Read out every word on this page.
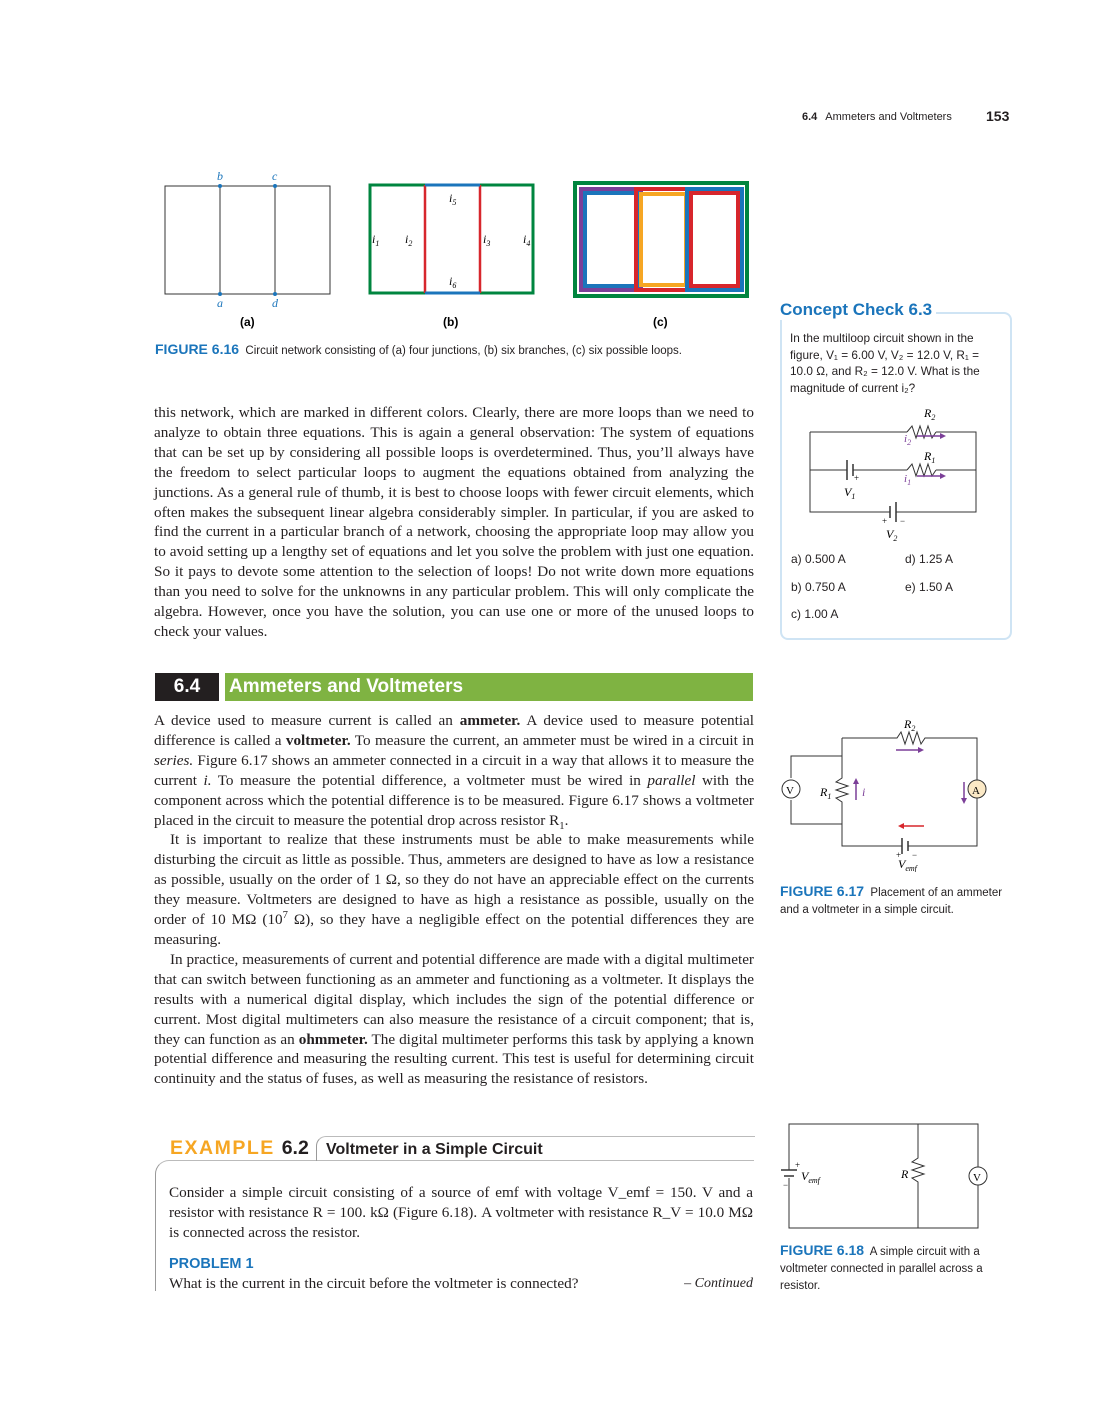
6.4 Ammeters and Voltmeters 153
b	c
a	d
$i_1$ $i_2$	$i_3$	$i_4$
$i_5$
$i_6$
(a)	(b)	(c)
FIGURE 6.16 Circuit network consisting of (a) four junctions, (b) six branches, (c) six possible loops.

this network, which are marked in different colors. Clearly, there are more loops than we need to analyze to obtain three equations. This is again a general observation: The system of equations that can be set up by considering all possible loops is overdetermined. Thus, you’ll always have the freedom to select particular loops to augment the equations obtained from analyzing the junctions. As a general rule of thumb, it is best to choose loops with fewer circuit elements, which often makes the subsequent linear algebra considerably simpler. In particular, if you are asked to find the current in a particular branch of a network, choosing the appropriate loop may allow you to avoid setting up a lengthy set of equations and let you solve the problem with just one equation. So it pays to devote some attention to the selection of loops! Do not write down more equations than you need to solve for the unknowns in any particular problem. This will only complicate the algebra. However, once you have the solution, you can use one or more of the unused loops to check your values.

6.4	Ammeters and Voltmeters

A device used to measure current is called an ammeter. A device used to measure potential difference is called a voltmeter. To measure the current, an ammeter must be wired in a circuit in series. Figure 6.17 shows an ammeter connected in a circuit in a way that allows it to measure the current i. To measure the potential difference, a voltmeter must be wired in parallel with the component across which the potential difference is to be measured. Figure 6.17 shows a voltmeter placed in the circuit to measure the potential drop across resistor $R_1$.

It is important to realize that these instruments must be able to make measurements while disturbing the circuit as little as possible. Thus, ammeters are designed to have as low a resistance as possible, usually on the order of 1 Ω, so they do not have an appreciable effect on the currents they measure. Voltmeters are designed to have as high a resistance as possible, usually on the order of 10 MΩ ($10^7$ Ω), so they have a negligible effect on the potential differences they are measuring.

In practice, measurements of current and potential difference are made with a digital multimeter that can switch between functioning as an ammeter and functioning as a voltmeter. It displays the results with a numerical digital display, which includes the sign of the potential difference or current. Most digital multimeters can also measure the resistance of a circuit component; that is, they can function as an ohmmeter. The digital multimeter performs this task by applying a known potential difference and measuring the resulting current. This test is useful for determining circuit continuity and the status of fuses, as well as measuring the resistance of resistors.

Concept Check 6.3
In the multiloop circuit shown in the figure, V₁ = 6.00 V, V₂ = 12.0 V, R₁ = 10.0 Ω, and R₂ = 12.0 V. What is the magnitude of current i₂?
$R_2$
$i_2$
$R_1$
$i_1$
+
$V_1$
+ −
$V_2$
a) 0.500 A
b) 0.750 A
c) 1.00 A
d) 1.25 A
e) 1.50 A
$R_2$
$R_1$	i
V	A
+ −
$V_{emf}$
FIGURE 6.17 Placement of an ammeter and a voltmeter in a simple circuit.
+
−
$V_{emf}$	R	V
FIGURE 6.18 A simple circuit with a voltmeter connected in parallel across a resistor.
EXAMPLE 6.2 Voltmeter in a Simple Circuit
Consider a simple circuit consisting of a source of emf with voltage V_emf = 150. V and a resistor with resistance R = 100. kΩ (Figure 6.18). A voltmeter with resistance R_V = 10.0 MΩ is connected across the resistor.
PROBLEM 1
What is the current in the circuit before the voltmeter is connected?	– Continued
